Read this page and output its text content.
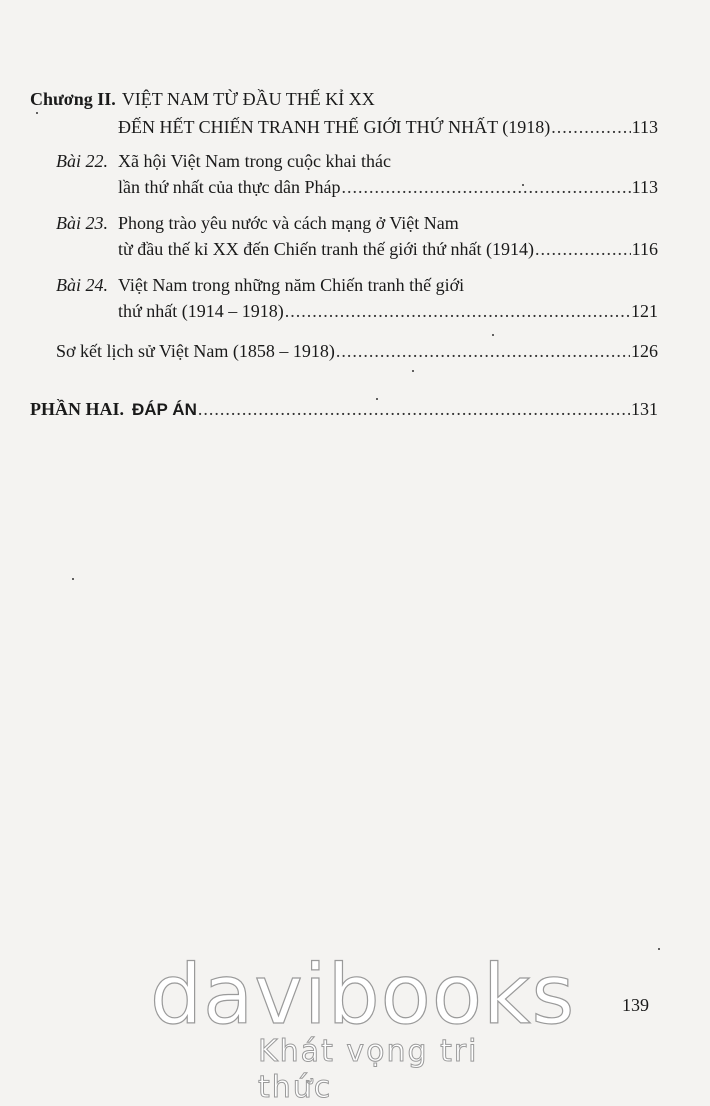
Chương II. VIỆT NAM TỪ ĐẦU THẾ KỈ XX
ĐẾN HẾT CHIẾN TRANH THẾ GIỚI THỨ NHẤT (1918) .....	113
Bài 22. Xã hội Việt Nam trong cuộc khai thác
lần thứ nhất của thực dân Pháp .....	113
Bài 23. Phong trào yêu nước và cách mạng ở Việt Nam
từ đầu thế kỉ XX đến Chiến tranh thế giới thứ nhất (1914) .....	116
Bài 24. Việt Nam trong những năm Chiến tranh thế giới
thứ nhất (1914 – 1918) .....	121
Sơ kết lịch sử Việt Nam (1858 – 1918) .....	126
PHẦN HAI. ĐÁP ÁN .....	131
139
davibooks
Khát vọng tri thức
